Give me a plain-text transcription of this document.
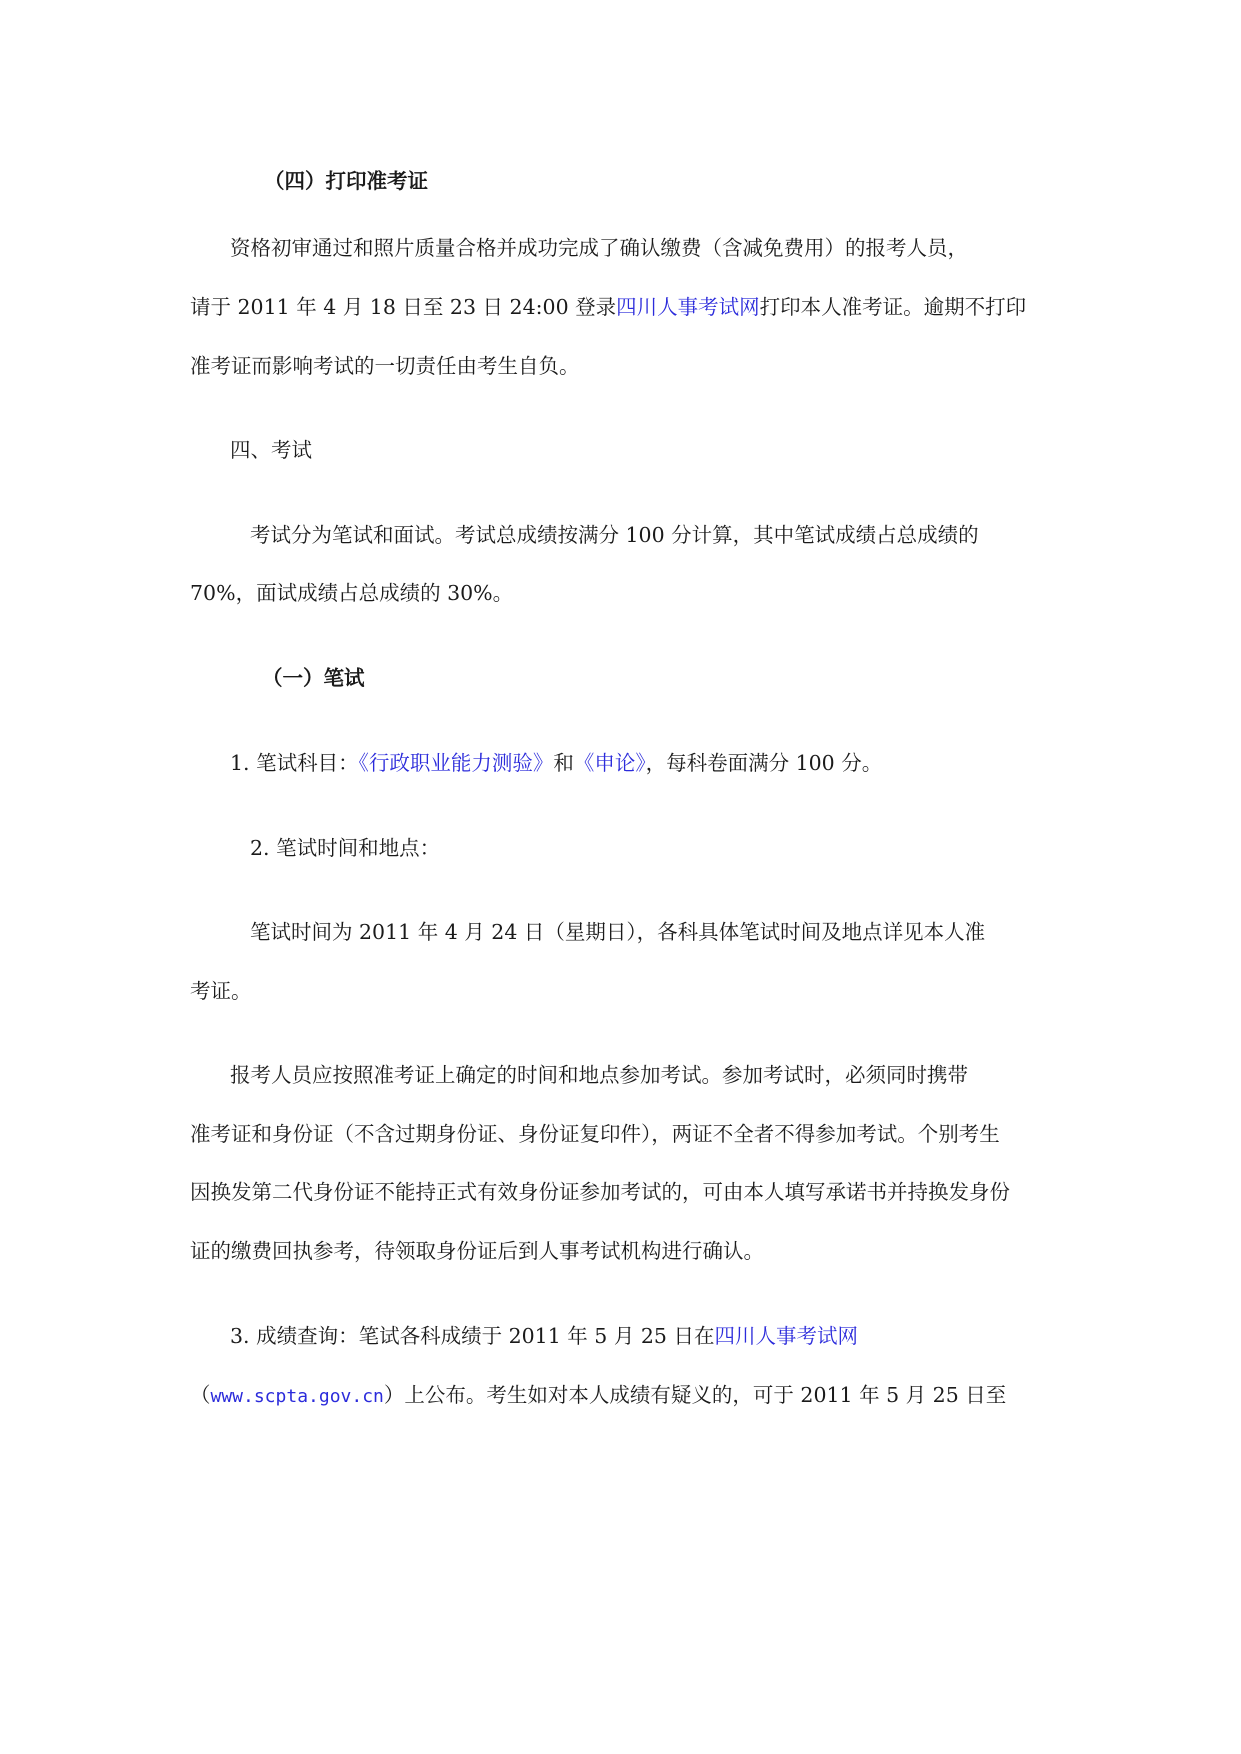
（四）打印准考证
资格初审通过和照片质量合格并成功完成了确认缴费（含减免费用）的报考人员，
请于 2011 年 4 月 18 日至 23 日 24:00 登录四川人事考试网打印本人准考证。逾期不打印
准考证而影响考试的一切责任由考生自负。
四、考试
考试分为笔试和面试。考试总成绩按满分 100 分计算，其中笔试成绩占总成绩的
70%，面试成绩占总成绩的 30%。
（一）笔试
1. 笔试科目：《行政职业能力测验》和《申论》，每科卷面满分 100 分。
2. 笔试时间和地点：
笔试时间为 2011 年 4 月 24 日（星期日），各科具体笔试时间及地点详见本人准
考证。
报考人员应按照准考证上确定的时间和地点参加考试。参加考试时，必须同时携带
准考证和身份证（不含过期身份证、身份证复印件），两证不全者不得参加考试。个别考生
因换发第二代身份证不能持正式有效身份证参加考试的，可由本人填写承诺书并持换发身份
证的缴费回执参考，待领取身份证后到人事考试机构进行确认。
3. 成绩查询：笔试各科成绩于 2011 年 5 月 25 日在四川人事考试网
（www.scpta.gov.cn）上公布。考生如对本人成绩有疑义的，可于 2011 年 5 月 25 日至
